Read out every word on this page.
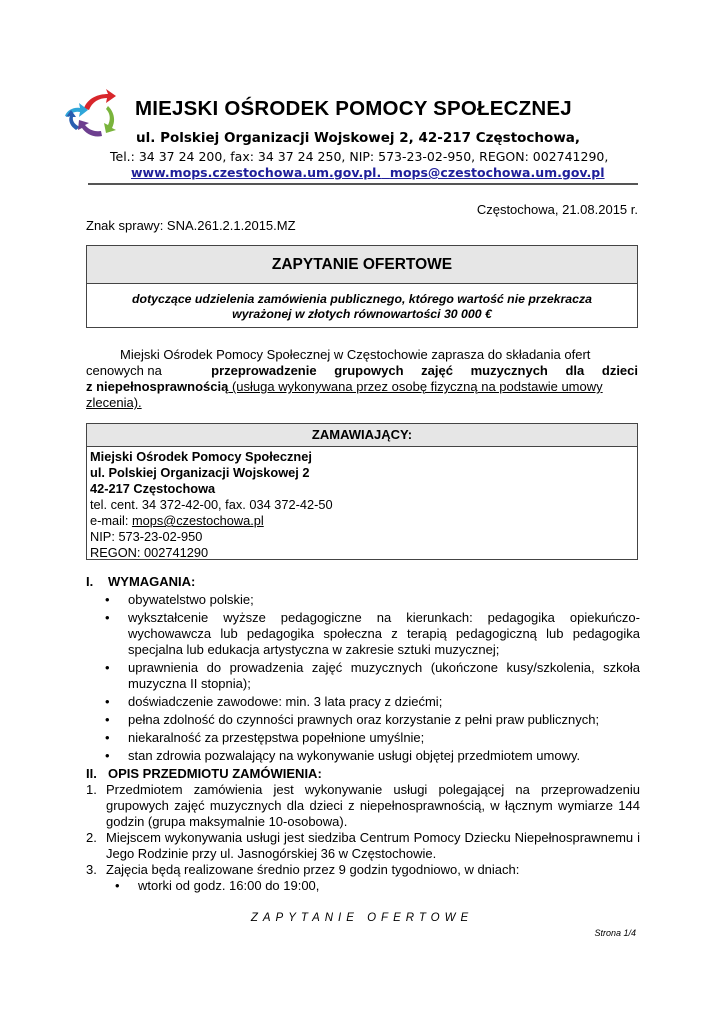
MIEJSKI OŚRODEK POMOCY SPOŁECZNEJ
ul. Polskiej Organizacji Wojskowej 2, 42-217 Częstochowa,
Tel.: 34 37 24 200, fax: 34 37 24 250, NIP: 573-23-02-950, REGON: 002741290,
www.mops.czestochowa.um.gov.pl. mops@czestochowa.um.gov.pl
Częstochowa, 21.08.2015 r.
Znak sprawy: SNA.261.2.1.2015.MZ
ZAPYTANIE OFERTOWE
dotyczące udzielenia zamówienia publicznego, którego wartość nie przekracza
wyrażonej w złotych równowartości 30 000 €
Miejski Ośrodek Pomocy Społecznej w Częstochowie zaprasza do składania ofert
cenowych na	przeprowadzenie grupowych zajęć muzycznych dla dzieci
z niepełnosprawnością (usługa wykonywana przez osobę fizyczną na podstawie umowy
zlecenia).
ZAMAWIAJĄCY:
Miejski Ośrodek Pomocy Społecznej
ul. Polskiej Organizacji Wojskowej 2
42-217 Częstochowa
tel. cent. 34 372-42-00, fax. 034 372-42-50
e-mail: mops@czestochowa.pl
NIP: 573-23-02-950
REGON: 002741290
I. WYMAGANIA:
• obywatelstwo polskie;
• wykształcenie wyższe pedagogiczne na kierunkach: pedagogika opiekuńczo-wychowawcza lub pedagogika społeczna z terapią pedagogiczną lub pedagogika specjalna lub edukacja artystyczna w zakresie sztuki muzycznej;
• uprawnienia do prowadzenia zajęć muzycznych (ukończone kusy/szkolenia, szkoła muzyczna II stopnia);
• doświadczenie zawodowe: min. 3 lata pracy z dziećmi;
• pełna zdolność do czynności prawnych oraz korzystanie z pełni praw publicznych;
• niekaralność za przestępstwa popełnione umyślnie;
• stan zdrowia pozwalający na wykonywanie usługi objętej przedmiotem umowy.
II. OPIS PRZEDMIOTU ZAMÓWIENIA:
1. Przedmiotem zamówienia jest wykonywanie usługi polegającej na przeprowadzeniu grupowych zajęć muzycznych dla dzieci z niepełnosprawnością, w łącznym wymiarze 144 godzin (grupa maksymalnie 10-osobowa).
2. Miejscem wykonywania usługi jest siedziba Centrum Pomocy Dziecku Niepełnosprawnemu i Jego Rodzinie przy ul. Jasnogórskiej 36 w Częstochowie.
3. Zajęcia będą realizowane średnio przez 9 godzin tygodniowo, w dniach:
• wtorki od godz. 16:00 do 19:00,
ZAPYTANIE OFERTOWE
Strona 1/4
